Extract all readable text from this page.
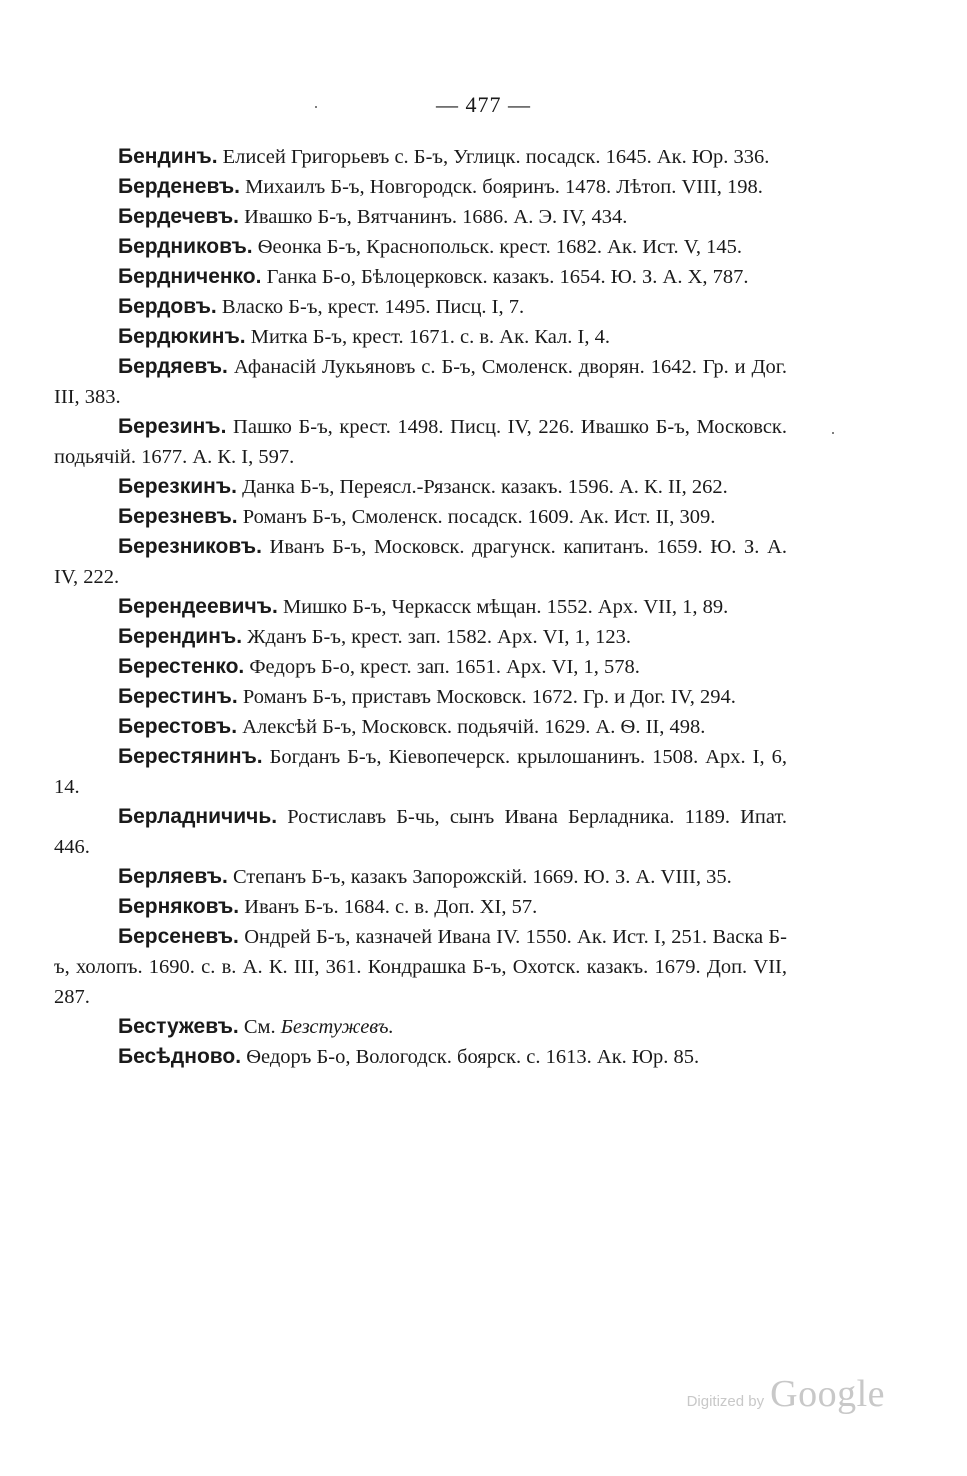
— 477 —

Бендинъ. Елисей Григорьевъ с. Б-ъ, Углицк. посадск. 1645. Ак. Юр. 336.

Берденевъ. Михаилъ Б-ъ, Новгородск. бояринъ. 1478. Лѣтоп. VIII, 198.

Бердечевъ. Ивашко Б-ъ, Вятчанинъ. 1686. А. Э. IV, 434.

Бердниковъ. Ѳеонка Б-ъ, Краснопольск. крест. 1682. Ак. Ист. V, 145.

Бердниченко. Ганка Б-о, Бѣлоцерковск. казакъ. 1654. Ю. З. А. X, 787.

Бердовъ. Власко Б-ъ, крест. 1495. Писц. I, 7.

Бердюкинъ. Митка Б-ъ, крест. 1671. с. в. Ак. Кал. I, 4.

Бердяевъ. Афанасій Лукьяновъ с. Б-ъ, Смоленск. дворян. 1642. Гр. и Дог. III, 383.

Березинъ. Пашко Б-ъ, крест. 1498. Писц. IV, 226. Ивашко Б-ъ, Московск. подьячій. 1677. А. К. I, 597.

Березкинъ. Данка Б-ъ, Переясл.-Рязанск. казакъ. 1596. А. К. II, 262.

Березневъ. Романъ Б-ъ, Смоленск. посадск. 1609. Ак. Ист. II, 309.

Березниковъ. Иванъ Б-ъ, Московск. драгунск. капитанъ. 1659. Ю. З. А. IV, 222.

Берендеевичъ. Мишко Б-ъ, Черкасск мѣщан. 1552. Арх. VII, 1, 89.

Берендинъ. Жданъ Б-ъ, крест. зап. 1582. Арх. VI, 1, 123.

Берестенко. Федоръ Б-о, крест. зап. 1651. Арх. VI, 1, 578.

Берестинъ. Романъ Б-ъ, приставъ Московск. 1672. Гр. и Дог. IV, 294.

Берестовъ. Алексѣй Б-ъ, Московск. подьячій. 1629. А. Ѳ. II, 498.

Берестянинъ. Богданъ Б-ъ, Кіевопечерск. крылошанинъ. 1508. Арх. I, 6, 14.

Берладничичь. Ростиславъ Б-чь, сынъ Ивана Берладника. 1189. Ипат. 446.

Берляевъ. Степанъ Б-ъ, казакъ Запорожскій. 1669. Ю. З. А. VIII, 35.

Берняковъ. Иванъ Б-ъ. 1684. с. в. Доп. XI, 57.

Берсеневъ. Ондрей Б-ъ, казначей Ивана IV. 1550. Ак. Ист. I, 251. Васка Б-ъ, холопъ. 1690. с. в. А. К. III, 361. Кондрашка Б-ъ, Охотск. казакъ. 1679. Доп. VII, 287.

Бестужевъ. См. Безстужевъ.

Бесѣдново. Ѳедоръ Б-о, Вологодск. боярск. с. 1613. Ак. Юр. 85.

Digitized by Google
